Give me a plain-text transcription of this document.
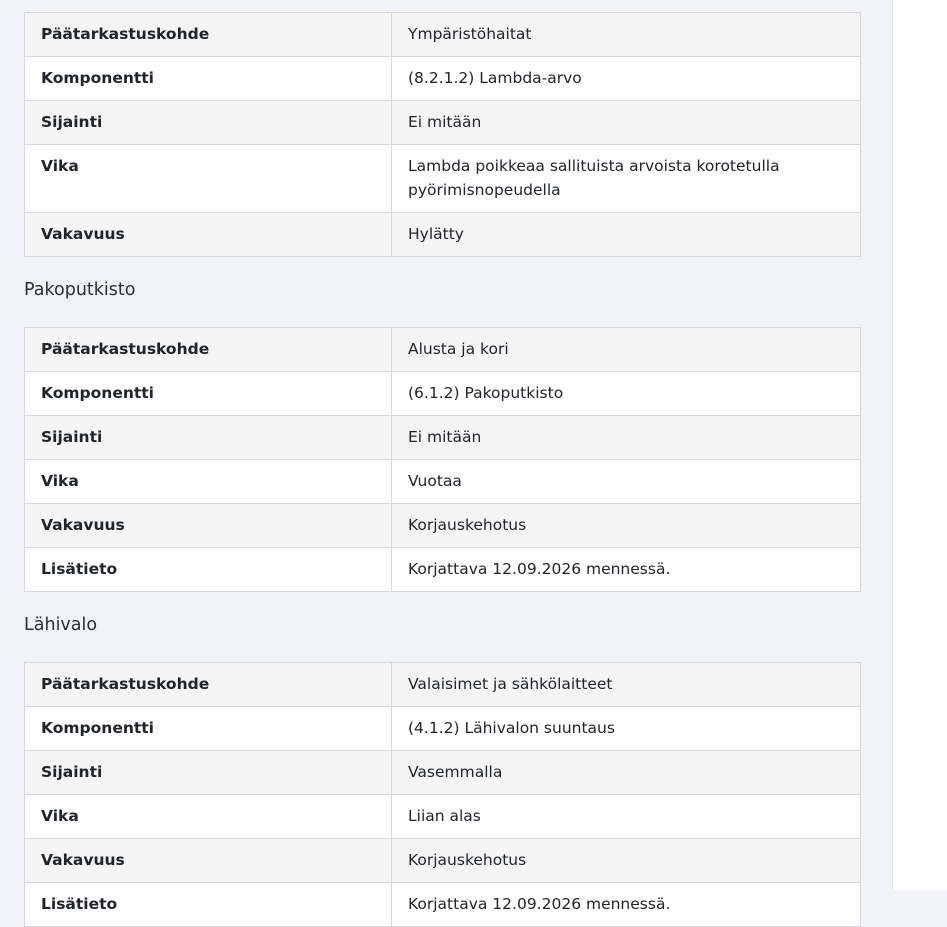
Päätarkastuskohde	Ympäristöhaitat
Komponentti	(8.2.1.2) Lambda-arvo
Sijainti	Ei mitään
Vika	Lambda poikkeaa sallituista arvoista korotetulla pyörimisnopeudella
Vakavuus	Hylätty
Pakoputkisto
Päätarkastuskohde	Alusta ja kori
Komponentti	(6.1.2) Pakoputkisto
Sijainti	Ei mitään
Vika	Vuotaa
Vakavuus	Korjauskehotus
Lisätieto	Korjattava 12.09.2026 mennessä.
Lähivalo
Päätarkastuskohde	Valaisimet ja sähkölaitteet
Komponentti	(4.1.2) Lähivalon suuntaus
Sijainti	Vasemmalla
Vika	Liian alas
Vakavuus	Korjauskehotus
Lisätieto	Korjattava 12.09.2026 mennessä.
